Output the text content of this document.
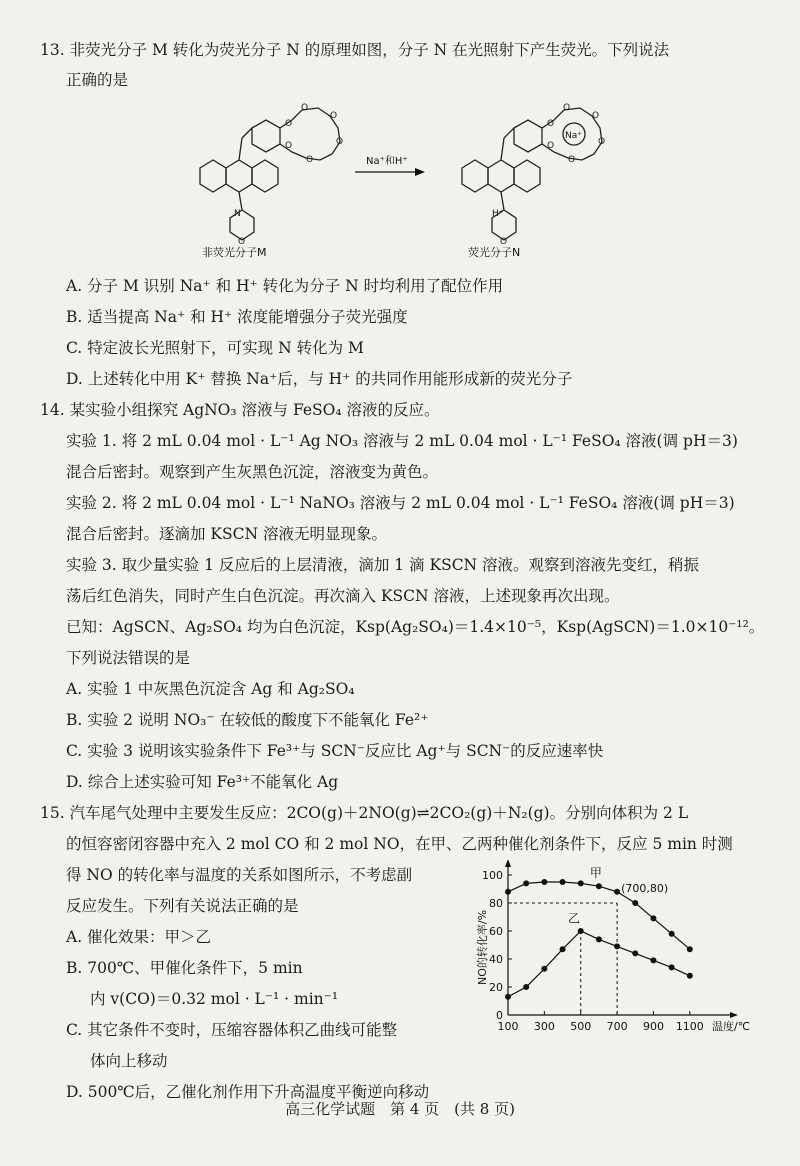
13. 非荧光分子 M 转化为荧光分子 N 的原理如图，分子 N 在光照射下产生荧光。下列说法
正确的是
O
O
O
O
O
O
O
N
非荧光分子M
Na⁺和H⁺
O
O
O
O
O
O
O
Na⁺
H⁺
荧光分子N
A. 分子 M 识别 Na⁺ 和 H⁺ 转化为分子 N 时均利用了配位作用
B. 适当提高 Na⁺ 和 H⁺ 浓度能增强分子荧光强度
C. 特定波长光照射下，可实现 N 转化为 M
D. 上述转化中用 K⁺ 替换 Na⁺后，与 H⁺ 的共同作用能形成新的荧光分子
14. 某实验小组探究 AgNO₃ 溶液与 FeSO₄ 溶液的反应。
实验 1. 将 2 mL 0.04 mol · L⁻¹ Ag NO₃ 溶液与 2 mL 0.04 mol · L⁻¹ FeSO₄ 溶液(调 pH＝3)
混合后密封。观察到产生灰黑色沉淀，溶液变为黄色。
实验 2. 将 2 mL 0.04 mol · L⁻¹ NaNO₃ 溶液与 2 mL 0.04 mol · L⁻¹ FeSO₄ 溶液(调 pH＝3)
混合后密封。逐滴加 KSCN 溶液无明显现象。
实验 3. 取少量实验 1 反应后的上层清液，滴加 1 滴 KSCN 溶液。观察到溶液先变红，稍振
荡后红色消失，同时产生白色沉淀。再次滴入 KSCN 溶液，上述现象再次出现。
已知：AgSCN、Ag₂SO₄ 均为白色沉淀，Ksp(Ag₂SO₄)＝1.4×10⁻⁵，Ksp(AgSCN)＝1.0×10⁻¹²。
下列说法错误的是
A. 实验 1 中灰黑色沉淀含 Ag 和 Ag₂SO₄
B. 实验 2 说明 NO₃⁻ 在较低的酸度下不能氧化 Fe²⁺
C. 实验 3 说明该实验条件下 Fe³⁺与 SCN⁻反应比 Ag⁺与 SCN⁻的反应速率快
D. 综合上述实验可知 Fe³⁺不能氧化 Ag
15. 汽车尾气处理中主要发生反应：2CO(g)＋2NO(g)⇌2CO₂(g)＋N₂(g)。分别向体积为 2 L
的恒容密闭容器中充入 2 mol CO 和 2 mol NO，在甲、乙两种催化剂条件下，反应 5 min 时测
得 NO 的转化率与温度的关系如图所示，不考虑副
反应发生。下列有关说法正确的是
A. 催化效果：甲＞乙
B. 700℃、甲催化条件下，5 min
内 v(CO)＝0.32 mol · L⁻¹ · min⁻¹
C. 其它条件不变时，压缩容器体积乙曲线可能整
体向上移动
D. 500℃后，乙催化剂作用下升高温度平衡逆向移动
0
20
40
60
80
100
100 300 500 700 900 1100 温度/℃
NO的转化率/%
甲
乙
(700,80)
高三化学试题　第 4 页　(共 8 页)
